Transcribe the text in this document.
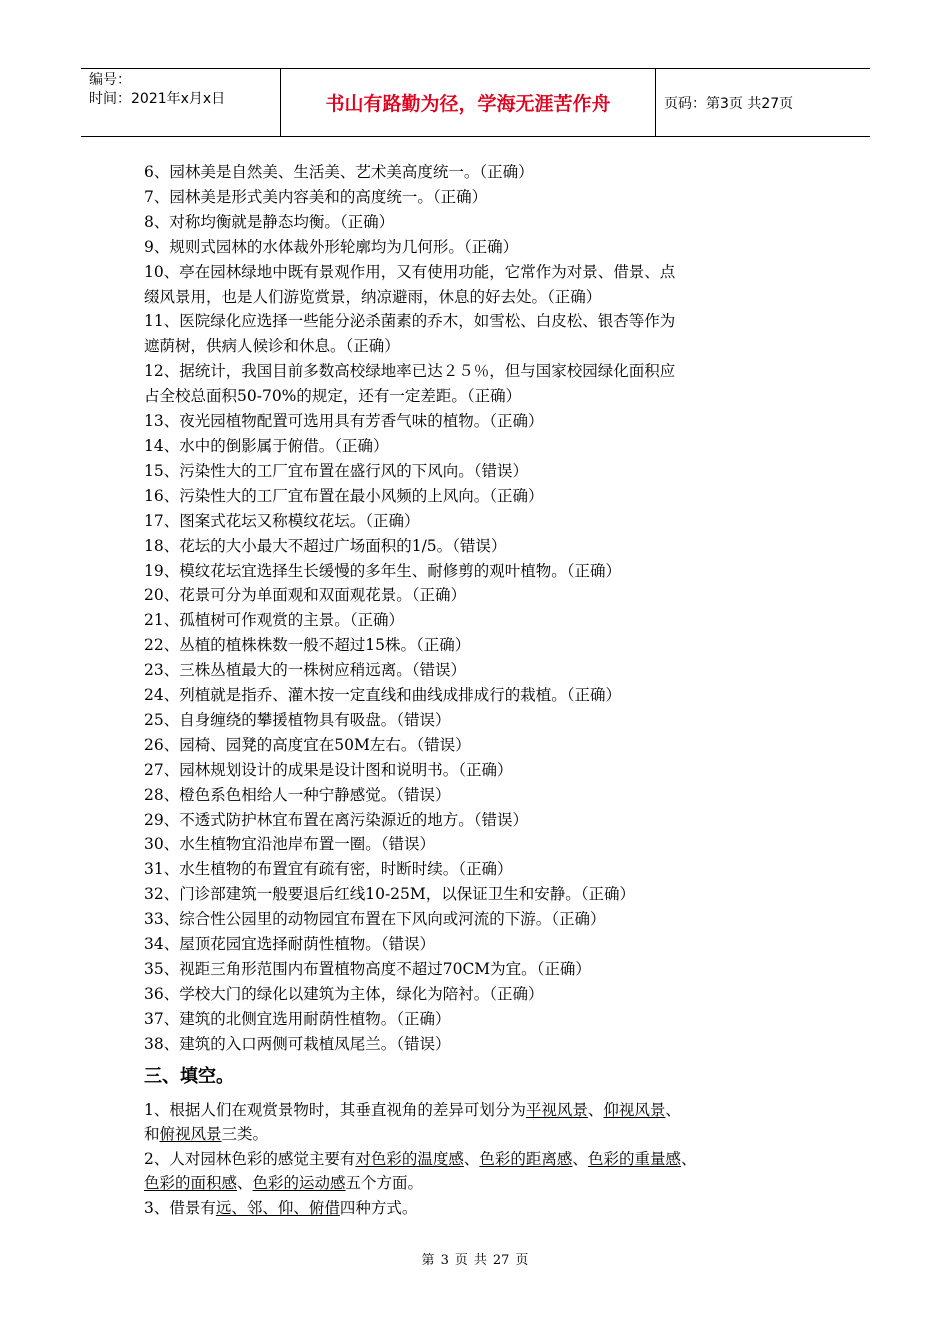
编号：
时间：2021年x月x日	书山有路勤为径，学海无涯苦作舟	页码：第3页 共27页
6、园林美是自然美、生活美、艺术美高度统一。（正确）
7、园林美是形式美内容美和的高度统一。（正确）
8、对称均衡就是静态均衡。（正确）
9、规则式园林的水体裁外形轮廓均为几何形。（正确）
10、亭在园林绿地中既有景观作用，又有使用功能，它常作为对景、借景、点
缀风景用，也是人们游览赏景，纳凉避雨，休息的好去处。（正确）
11、医院绿化应选择一些能分泌杀菌素的乔木，如雪松、白皮松、银杏等作为
遮荫树，供病人候诊和休息。（正确）
12、据统计，我国目前多数高校绿地率已达２５％，但与国家校园绿化面积应
占全校总面积50-70%的规定，还有一定差距。（正确）
13、夜光园植物配置可选用具有芳香气味的植物。（正确）
14、水中的倒影属于俯借。（正确）
15、污染性大的工厂宜布置在盛行风的下风向。（错误）
16、污染性大的工厂宜布置在最小风频的上风向。（正确）
17、图案式花坛又称模纹花坛。（正确）
18、花坛的大小最大不超过广场面积的1/5。（错误）
19、模纹花坛宜选择生长缓慢的多年生、耐修剪的观叶植物。（正确）
20、花景可分为单面观和双面观花景。（正确）
21、孤植树可作观赏的主景。（正确）
22、丛植的植株株数一般不超过15株。（正确）
23、三株丛植最大的一株树应稍远离。（错误）
24、列植就是指乔、灌木按一定直线和曲线成排成行的栽植。（正确）
25、自身缠绕的攀援植物具有吸盘。（错误）
26、园椅、园凳的高度宜在50M左右。（错误）
27、园林规划设计的成果是设计图和说明书。（正确）
28、橙色系色相给人一种宁静感觉。（错误）
29、不透式防护林宜布置在离污染源近的地方。（错误）
30、水生植物宜沿池岸布置一圈。（错误）
31、水生植物的布置宜有疏有密，时断时续。（正确）
32、门诊部建筑一般要退后红线10-25M，以保证卫生和安静。（正确）
33、综合性公园里的动物园宜布置在下风向或河流的下游。（正确）
34、屋顶花园宜选择耐荫性植物。（错误）
35、视距三角形范围内布置植物高度不超过70CM为宜。（正确）
36、学校大门的绿化以建筑为主体，绿化为陪衬。（正确）
37、建筑的北侧宜选用耐荫性植物。（正确）
38、建筑的入口两侧可栽植凤尾兰。（错误）
三、填空。
1、根据人们在观赏景物时，其垂直视角的差异可划分为平视风景、仰视风景、
和俯视风景三类。
2、人对园林色彩的感觉主要有对色彩的温度感、色彩的距离感、色彩的重量感、
色彩的面积感、色彩的运动感五个方面。
3、借景有远、邻、仰、俯借四种方式。
第 3 页 共 27 页
